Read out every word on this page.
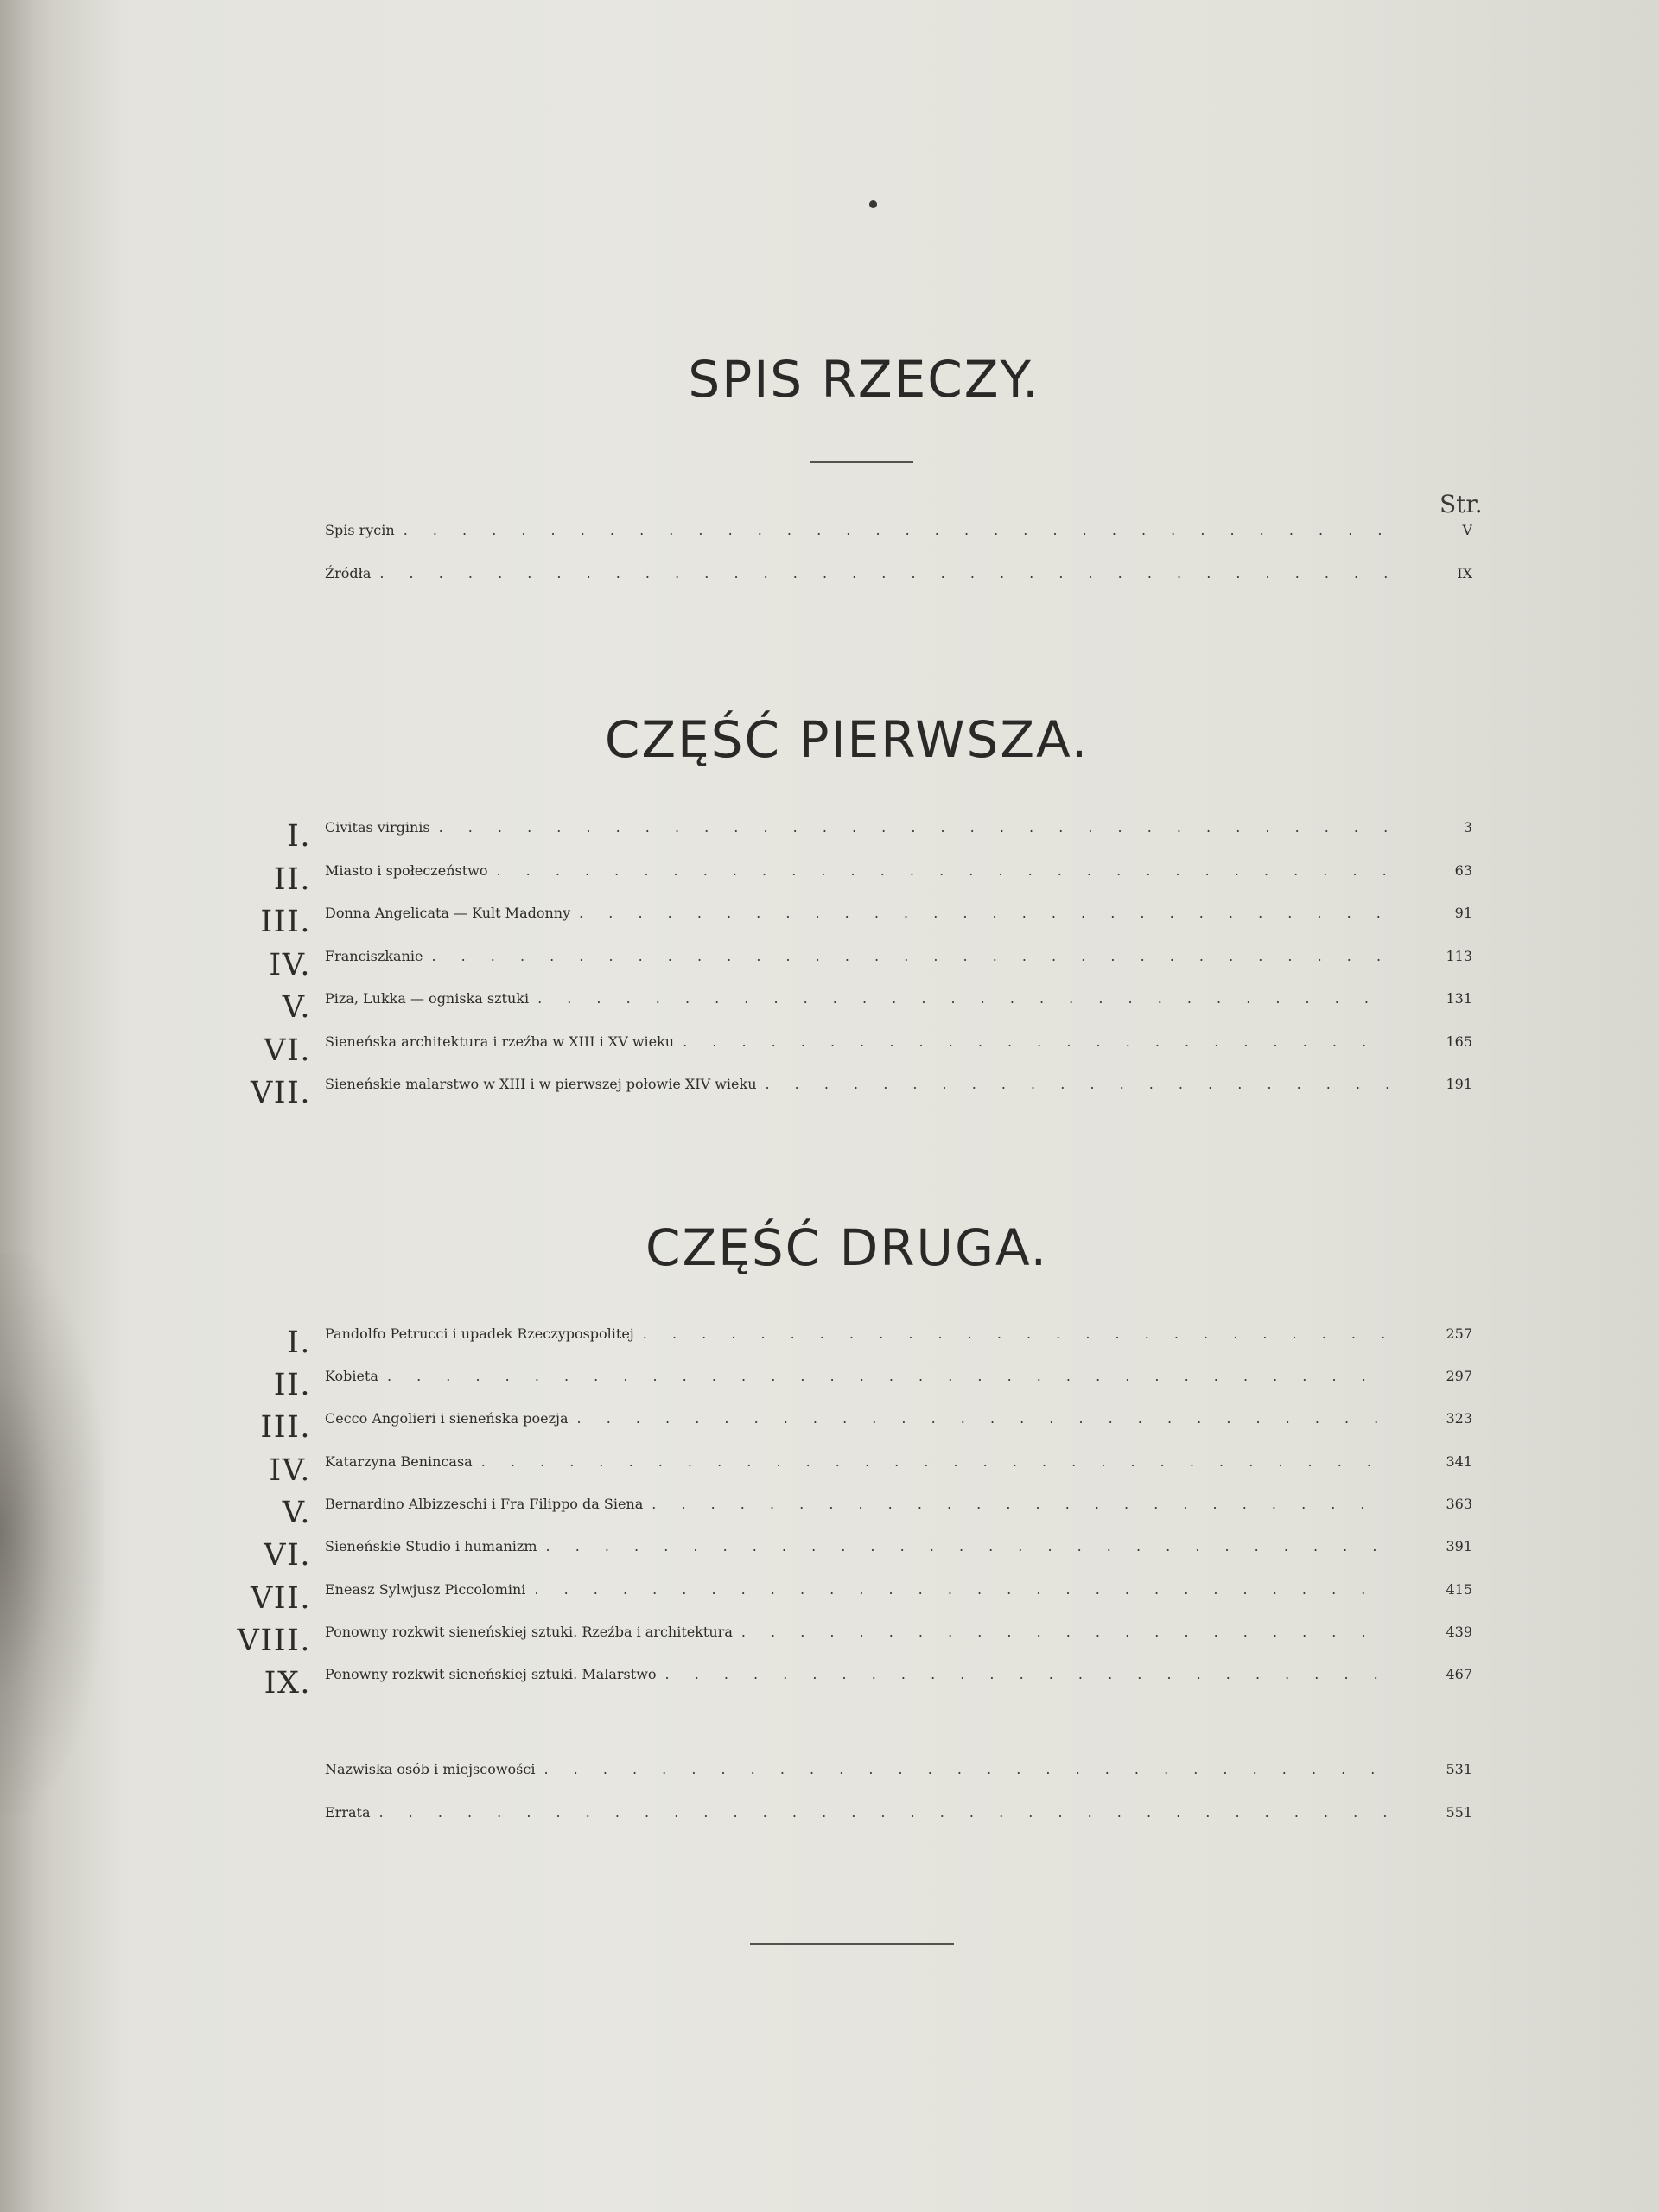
SPIS RZECZY.
Str.
Spis rycin . . .	V
Źródła . . .	IX
CZĘŚĆ PIERWSZA.
I. Civitas virginis . . .	3
II. Miasto i społeczeństwo . . .	63
III. Donna Angelicata — Kult Madonny . . .	91
IV. Franciszkanie . . .	113
V. Piza, Lukka — ogniska sztuki . . .	131
VI. Sieneńska architektura i rzeźba w XIII i XV wieku . . .	165
VII. Sieneńskie malarstwo w XIII i w pierwszej połowie XIV wieku . . .	191
CZĘŚĆ DRUGA.
I. Pandolfo Petrucci i upadek Rzeczypospolitej . . .	257
II. Kobieta . . .	297
III. Cecco Angolieri i sieneńska poezja . . .	323
IV. Katarzyna Benincasa . . .	341
V. Bernardino Albizzeschi i Fra Filippo da Siena . . .	363
VI. Sieneńskie Studio i humanizm . . .	391
VII. Eneasz Sylwjusz Piccolomini . . .	415
VIII. Ponowny rozkwit sieneńskiej sztuki. Rzeźba i architektura . . .	439
IX. Ponowny rozkwit sieneńskiej sztuki. Malarstwo . . .	467
Nazwiska osób i miejscowości . . .	531
Errata . . .	551
